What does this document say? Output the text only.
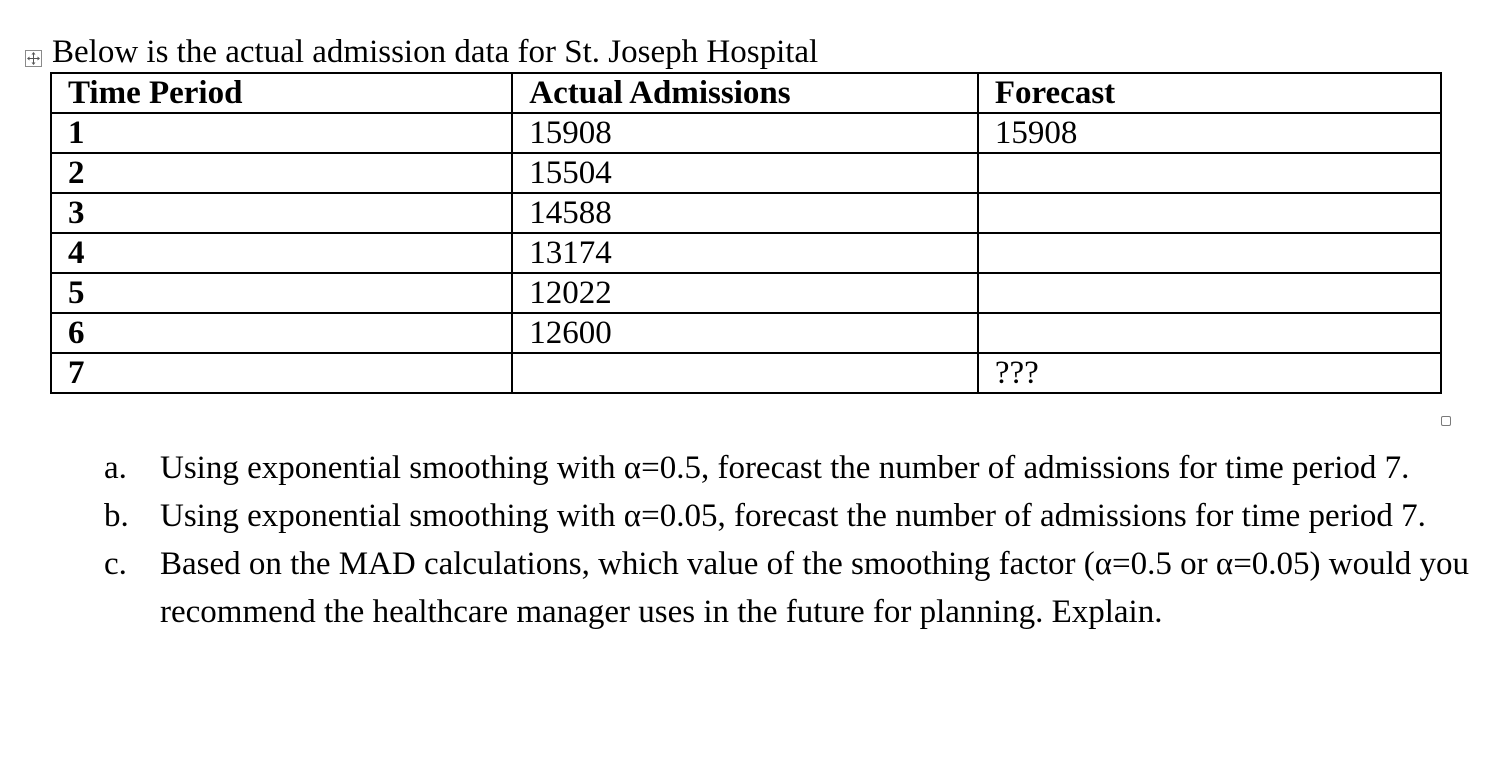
Below is the actual admission data for St. Joseph Hospital
Time Period	Actual Admissions	Forecast
1	15908	15908
2	15504	
3	14588	
4	13174	
5	12022	
6	12600	
7		???
a. Using exponential smoothing with α=0.5, forecast the number of admissions for time period 7.
b. Using exponential smoothing with α=0.05, forecast the number of admissions for time period 7.
c. Based on the MAD calculations, which value of the smoothing factor (α=0.5 or α=0.05) would you recommend the healthcare manager uses in the future for planning. Explain.
